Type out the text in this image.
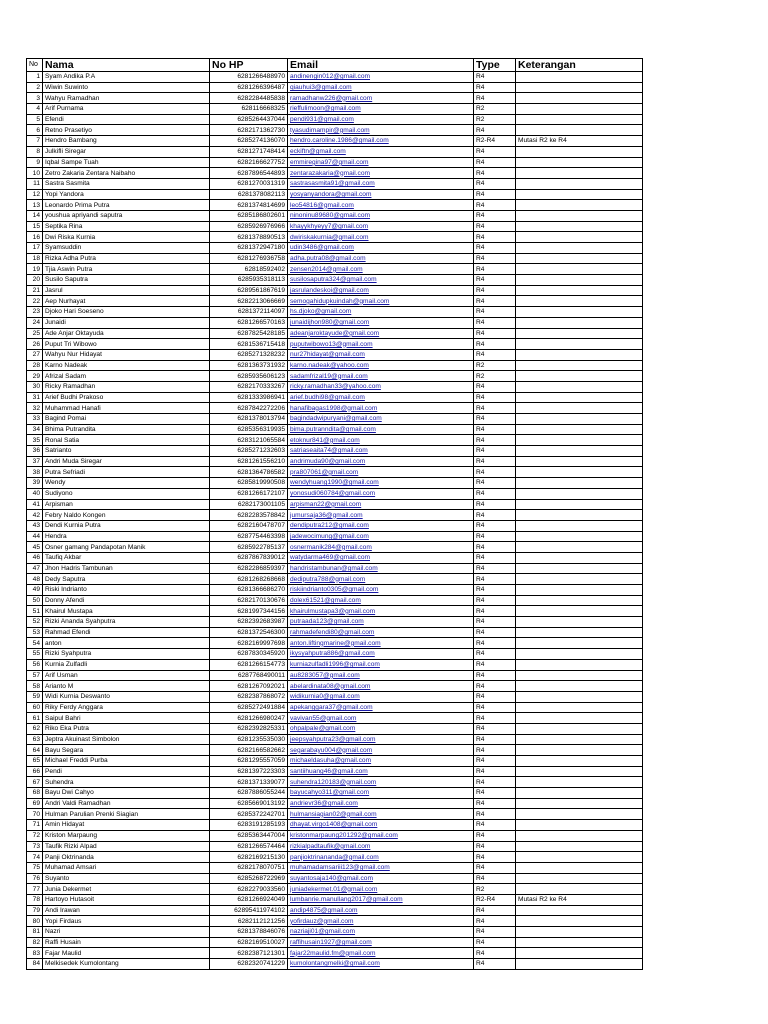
No	Nama	No HP	Email	Type	Keterangan
1	Syam Andika P.A	6281266488970	andinengin012@gmail.com	R4	
2	Wiwin Suwinto	6281266396487	qiauhui3@gmail.com	R4	
3	Wahyu Ramadhan	6282284485838	ramadhanw226@gmail.com	R4	
4	Arif Purnama	628116668325	rieffulimoon@gmail.com	R2	
5	Efendi	6285264437044	pendi931@gmail.com	R2	
6	Retno Prasetiyo	6282171362730	tyasudimampir@gmail.com	R4	
7	Hendro Bambang	6285274136070	hendro.caroline.1986@gmail.com	R2-R4	Mutasi R2 ke R4
8	Julkifli Siregar	6281271748414	eckiftn@gmail.com	R4	
9	Iqbal Sampe Tuah	6282166627752	emmiregina97@gmail.com	R4	
10	Zetro Zakaria Zentara Naibaho	6287896544893	zentarazakaria@gmail.com	R4	
11	Sastra Sasmita	6281270031319	sastrasasmita91@gmail.com	R4	
12	Yopi Yandora	6281378082113	yosyanyandora@gmail.com	R4	
13	Leonardo Prima Putra	6281374814699	leo54816@gmail.com	R4	
14	youshua apriyandi saputra	6285186802601	ninoninu89680@gmail.com	R4	
15	Septika Rina	6285926976966	khayykhyeyy7@gmail.com	R4	
16	Dwi Riska Kurnia	6281378890513	dwiriskakurnia@gmail.com	R4	
17	Syamsuddin	6281372947180	udin3486@gmail.com	R4	
18	Rizka Adha Putra	6281276936758	adha.putra08@gmail.com	R4	
19	Tjia Aswin Putra	62818592402	zensen2014@gmail.com	R4	
20	Susilo Saputra	6285935318113	susilosaputra324@gmail.com	R4	
21	Jasrul	6289561867619	jasrulandeskoi@gmail.com	R4	
22	Aep Nurhayat	6282213066669	semogahidupkuindah@gmail.com	R4	
23	Djoko Hari Soeseno	6281372114097	hs.djoko@gmail.com	R4	
24	Junaidi	6281266570163	junaidijhon980@gmail.com	R4	
25	Ade Anjar Oktayuda	6287825428185	adeanjaroktayude@gmail.com	R4	
26	Puput Tri Wibowo	6281536715418	puputwibowo13@gmail.com	R4	
27	Wahyu Nur Hidayat	6285271328232	nur27hidayat@gmail.com	R4	
28	Karno Nadeak	6281363731932	karno.nadeak@yahoo.com	R2	
29	Afrizal Sadam	6285935606123	sadamfrizal19@gmail.com	R2	
30	Ricky Ramadhan	6282170333267	ricky.ramadhan33@yahoo.com	R4	
31	Arief Budhi Prakoso	6281333986941	arief.budhi98@gmail.com	R4	
32	Muhammad Hanafi	6287842272206	hanafibagas1998@gmail.com	R4	
33	Bagind Pomai	6281378013794	bagindadwipuryani@gmail.com	R4	
34	Bhima Putrandita	6285356319935	bima.putranndita@gmail.com	R4	
35	Ronal Satia	6283121065584	etoknur841@gmail.com	R4	
36	Satrianto	6285271232603	satriaseaita74@gmail.com	R4	
37	Andri Muda Siregar	6281261556210	andrimuda90@gmail.com	R4	
38	Putra Sefriadi	6281364786582	pra807061@gmail.com	R4	
39	Wendy	6285819990508	wendyhuang1990@gmail.com	R4	
40	Sudiyono	6281266172107	yonosudi060784@gmail.com	R4	
41	Arpisman	6282173001105	arpisman22@gmail.com	R4	
42	Febry Naldo Kongen	6282283578842	jumursaja36@gmail.com	R4	
43	Dendi Kurnia Putra	6282160478707	dendiputra212@gmail.com	R4	
44	Hendra	6287754463398	jadewocimung@gmail.com	R4	
45	Osner gamang Pandapotan Manik	6285922785137	osnermanik284@gmail.com	R4	
46	Taufiq Akbar	6287867839012	watydarma469@gmail.com	R4	
47	Jhon Hadris Tambunan	6282286859397	handristambunan@gmail.com	R4	
48	Dedy Saputra	6281268268668	dediputra788@gmail.com	R4	
49	Riski Indrianto	6281366686270	riskiindrianto0305@gmail.com	R4	
50	Donny Afendi	6282170130676	dolex61521@gmail.com	R4	
51	Khairul Mustapa	6281997344156	khairulmustapa3@gmail.com	R4	
52	Rizki Ananda Syahputra	6282392683987	putraada123@gmail.com	R4	
53	Rahmad Efendi	6281372546300	rahmadefendi80@gmail.com	R4	
54	anton	6282169997698	anton.liftingmarine@gmail.com	R4	
55	Rizki Syahputra	6287830345920	ikysyahputra886@gmail.com	R4	
56	Kurnia Zulfadli	6281266154773	kurniazulfadli1996@gmail.com	R4	
57	Arif Usman	6287768490011	au8283057@gmail.com	R4	
58	Arianto M	6281267092021	abelardinata08@gmail.com	R4	
59	Widi Kurnia Deswanto	6282387868072	widikurnia0@gmail.com	R4	
60	Riky Ferdy Anggara	6285272491884	apekanggara37@gmail.com	R4	
61	Saipul Bahri	6281266980247	vavivan55@gmail.com	R4	
62	Riko Eka Putra	6282392825331	ohpalpale@gmail.com	R4	
63	Jeptra Akuinast Simbolon	6281235535030	jeepsyahputra23@gmail.com	R4	
64	Bayu Segara	6282166582662	segarabayu004@gmail.com	R4	
65	Michael Freddi Purba	6281295557059	michaeldasuha@gmail.com	R4	
66	Pendi	6281397223303	santiihuang46@gmail.com	R4	
67	Suhendra	6281371339077	suhendra120183@gmail.com	R4	
68	Bayu Dwi Cahyo	6287886055244	bayucahyo311@gmail.com	R4	
69	Andri Valdi Ramadhan	6285669013192	andrievr36@gmail.com	R4	
70	Hulman Parulian Prenki Siagian	6285372242701	hulmansiagian02@gmail.com	R4	
71	Amin Hidayat	6283191285193	dhayat.virgo1408@gmail.com	R4	
72	Kriston Marpaung	6285363447004	kristonmarpaung201292@gmail.com	R4	
73	Taufik Rizki Alpad	6281266574464	rizkialpadtaufik@gmail.com	R4	
74	Panji Oktrinanda	6282169215130	panjioktrinananda@gmail.com	R4	
75	Muhamad Amsari	6282178070751	muhamadamsariii123@gmail.com	R4	
76	Suyanto	6285268722969	suyantosaja140@gmail.com	R4	
77	Junia Dekermet	6282279033560	juniadekermet.01@gmail.com	R2	
78	Hartoyo Hutasoit	6281266924049	lumbanrie.manullang2017@gmail.com	R2-R4	Mutasi R2 ke R4
79	Andi Irawan	62895411974102	andip4875@gmail.com	R4	
80	Yopi Firdaus	6282112121256	yofirdauz@gmail.com	R4	
81	Nazri	6281378846076	nazriaji01@gmail.com	R4	
82	Raffi Husain	6282169510027	raffihusain1927@gmail.com	R4	
83	Fajar Maulid	6282387121301	fajar22maulid.fm@gmail.com	R4	
84	Melkisedek Kumolontang	6282320741229	kumolontangmelki@gmail.com	R4	
